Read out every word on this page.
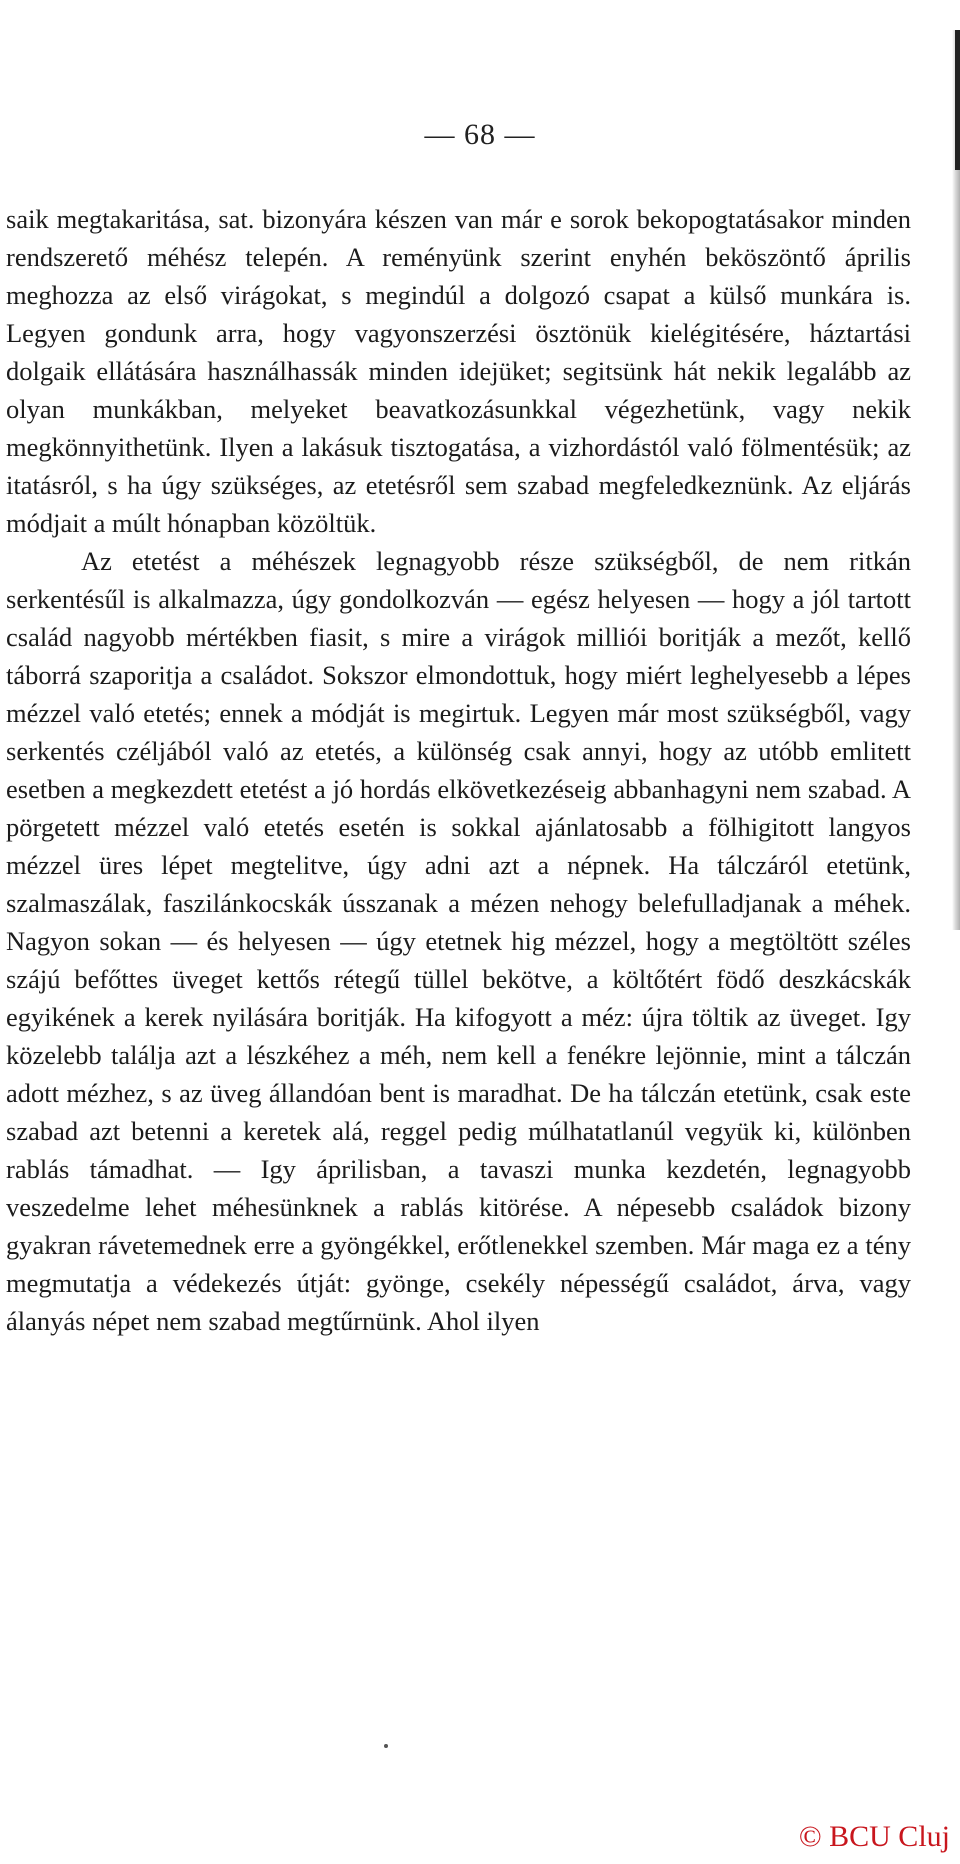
— 68 —

saik megtakaritása, sat. bizonyára készen van már e sorok bekopogtatásakor minden rendszerető méhész telepén. A reményünk szerint enyhén beköszöntő április meghozza az első virágokat, s megindúl a dolgozó csapat a külső munkára is. Legyen gondunk arra, hogy vagyonszerzési ösztönük kielégitésére, háztartási dolgaik ellátására használhassák minden idejüket; segitsünk hát nekik legalább az olyan munkákban, melyeket beavatkozásunkkal végezhetünk, vagy nekik megkönnyithetünk. Ilyen a lakásuk tisztogatása, a vizhordástól való fölmentésük; az itatásról, s ha úgy szükséges, az etetésről sem szabad megfeledkeznünk. Az eljárás módjait a múlt hónapban közöltük.

Az etetést a méhészek legnagyobb része szükségből, de nem ritkán serkentésűl is alkalmazza, úgy gondolkozván — egész helyesen — hogy a jól tartott család nagyobb mértékben fiasit, s mire a virágok milliói boritják a mezőt, kellő táborrá szaporitja a családot. Sokszor elmondottuk, hogy miért leghelyesebb a lépes mézzel való etetés; ennek a módját is megirtuk. Legyen már most szükségből, vagy serkentés czéljából való az etetés, a különség csak annyi, hogy az utóbb emlitett esetben a megkezdett etetést a jó hordás elkövetkezéseig abbanhagyni nem szabad. A pörgetett mézzel való etetés esetén is sokkal ajánlatosabb a fölhigitott langyos mézzel üres lépet megtelitve, úgy adni azt a népnek. Ha tálczáról etetünk, szalmaszálak, faszilánkocskák ússzanak a mézen nehogy belefulladjanak a méhek. Nagyon sokan — és helyesen — úgy etetnek hig mézzel, hogy a megtöltött széles szájú befőttes üveget kettős rétegű tüllel bekötve, a költőtért födő deszkácskák egyikének a kerek nyilására boritják. Ha kifogyott a méz: újra töltik az üveget. Igy közelebb találja azt a lészkéhez a méh, nem kell a fenékre lejönnie, mint a tálczán adott mézhez, s az üveg állandóan bent is maradhat. De ha tálczán etetünk, csak este szabad azt betenni a keretek alá, reggel pedig múlhatatlanúl vegyük ki, különben rablás támadhat. — Igy áprilisban, a tavaszi munka kezdetén, legnagyobb veszedelme lehet méhesünknek a rablás kitörése. A népesebb családok bizony gyakran rávetemednek erre a gyöngékkel, erőtlenekkel szemben. Már maga ez a tény megmutatja a védekezés útját: gyönge, csekély népességű családot, árva, vagy álanyás népet nem szabad megtűrnünk. Ahol ilyen

© BCU Cluj
